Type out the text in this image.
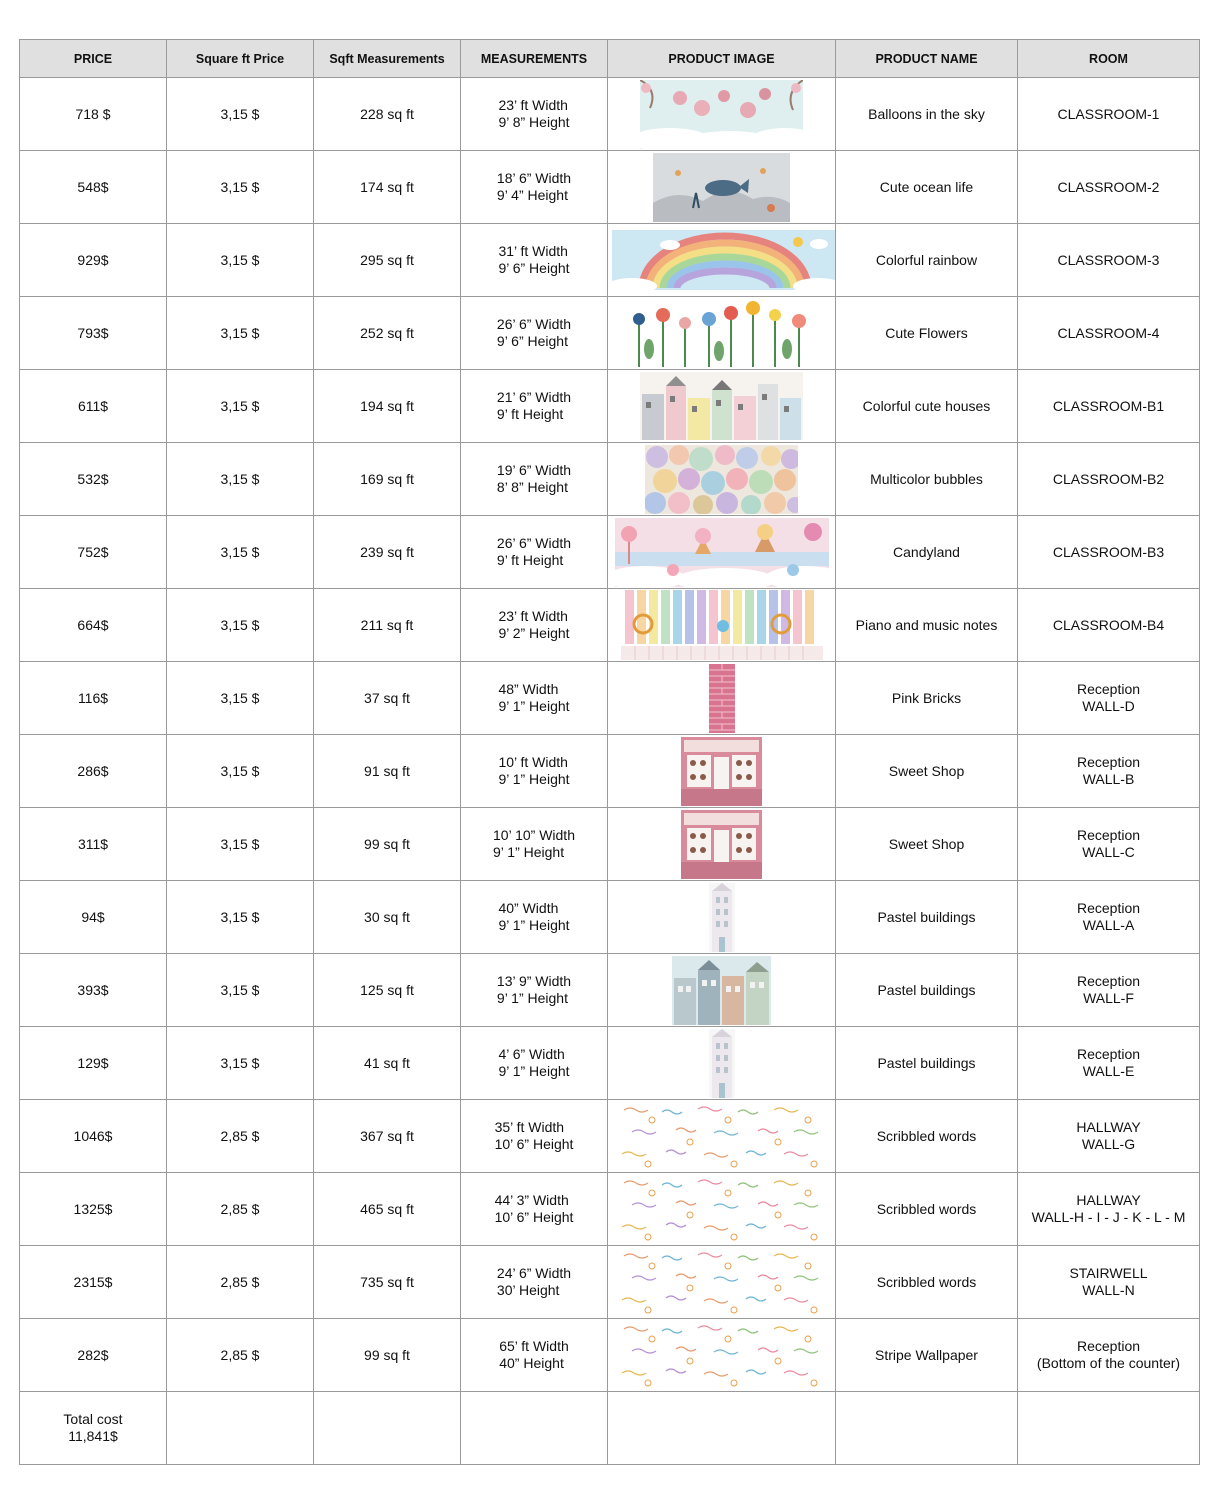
PRICE	Square ft Price	Sqft Measurements	MEASUREMENTS	PRODUCT IMAGE	PRODUCT NAME	ROOM
718 $	3,15 $	228 sq ft	23’ ft Width
9’ 8” Height		Balloons in the sky	CLASSROOM-1

548$	3,15 $	174 sq ft	18’ 6” Width
9’ 4” Height		Cute ocean life	CLASSROOM-2

929$	3,15 $	295 sq ft	31’ ft Width
9’ 6” Height		Colorful rainbow	CLASSROOM-3

793$	3,15 $	252 sq ft	26’ 6” Width
9’ 6” Height		Cute Flowers	CLASSROOM-4

611$	3,15 $	194 sq ft	21’ 6” Width
9’ ft Height		Colorful cute houses	CLASSROOM-B1

532$	3,15 $	169 sq ft	19’ 6” Width
8’ 8” Height		Multicolor bubbles	CLASSROOM-B2

752$	3,15 $	239 sq ft	26’ 6” Width
9’ ft Height		Candyland	CLASSROOM-B3

664$	3,15 $	211 sq ft	23’ ft Width
9’ 2” Height		Piano and music notes	CLASSROOM-B4

116$	3,15 $	37 sq ft	48” Width
9’ 1” Height		Pink Bricks	Reception
WALL-D

286$	3,15 $	91 sq ft	10’ ft Width
9’ 1” Height		Sweet Shop	Reception
WALL-B

311$	3,15 $	99 sq ft	10’ 10” Width
9’ 1” Height		Sweet Shop	Reception
WALL-C

94$	3,15 $	30 sq ft	40” Width
9’ 1” Height		Pastel buildings	Reception
WALL-A

393$	3,15 $	125 sq ft	13’ 9” Width
9’ 1” Height		Pastel buildings	Reception
WALL-F

129$	3,15 $	41 sq ft	4’ 6” Width
9’ 1” Height		Pastel buildings	Reception
WALL-E

1046$	2,85 $	367 sq ft	35’ ft Width
10’ 6” Height		Scribbled words	HALLWAY
WALL-G

1325$	2,85 $	465 sq ft	44’ 3” Width
10’ 6” Height		Scribbled words	HALLWAY
WALL-H - I - J - K - L - M

2315$	2,85 $	735 sq ft	24’ 6” Width
30’ Height		Scribbled words	STAIRWELL
WALL-N

282$	2,85 $	99 sq ft	65’ ft Width
40” Height		Stripe Wallpaper	Reception
(Bottom of the counter)

Total cost
11,841$						
